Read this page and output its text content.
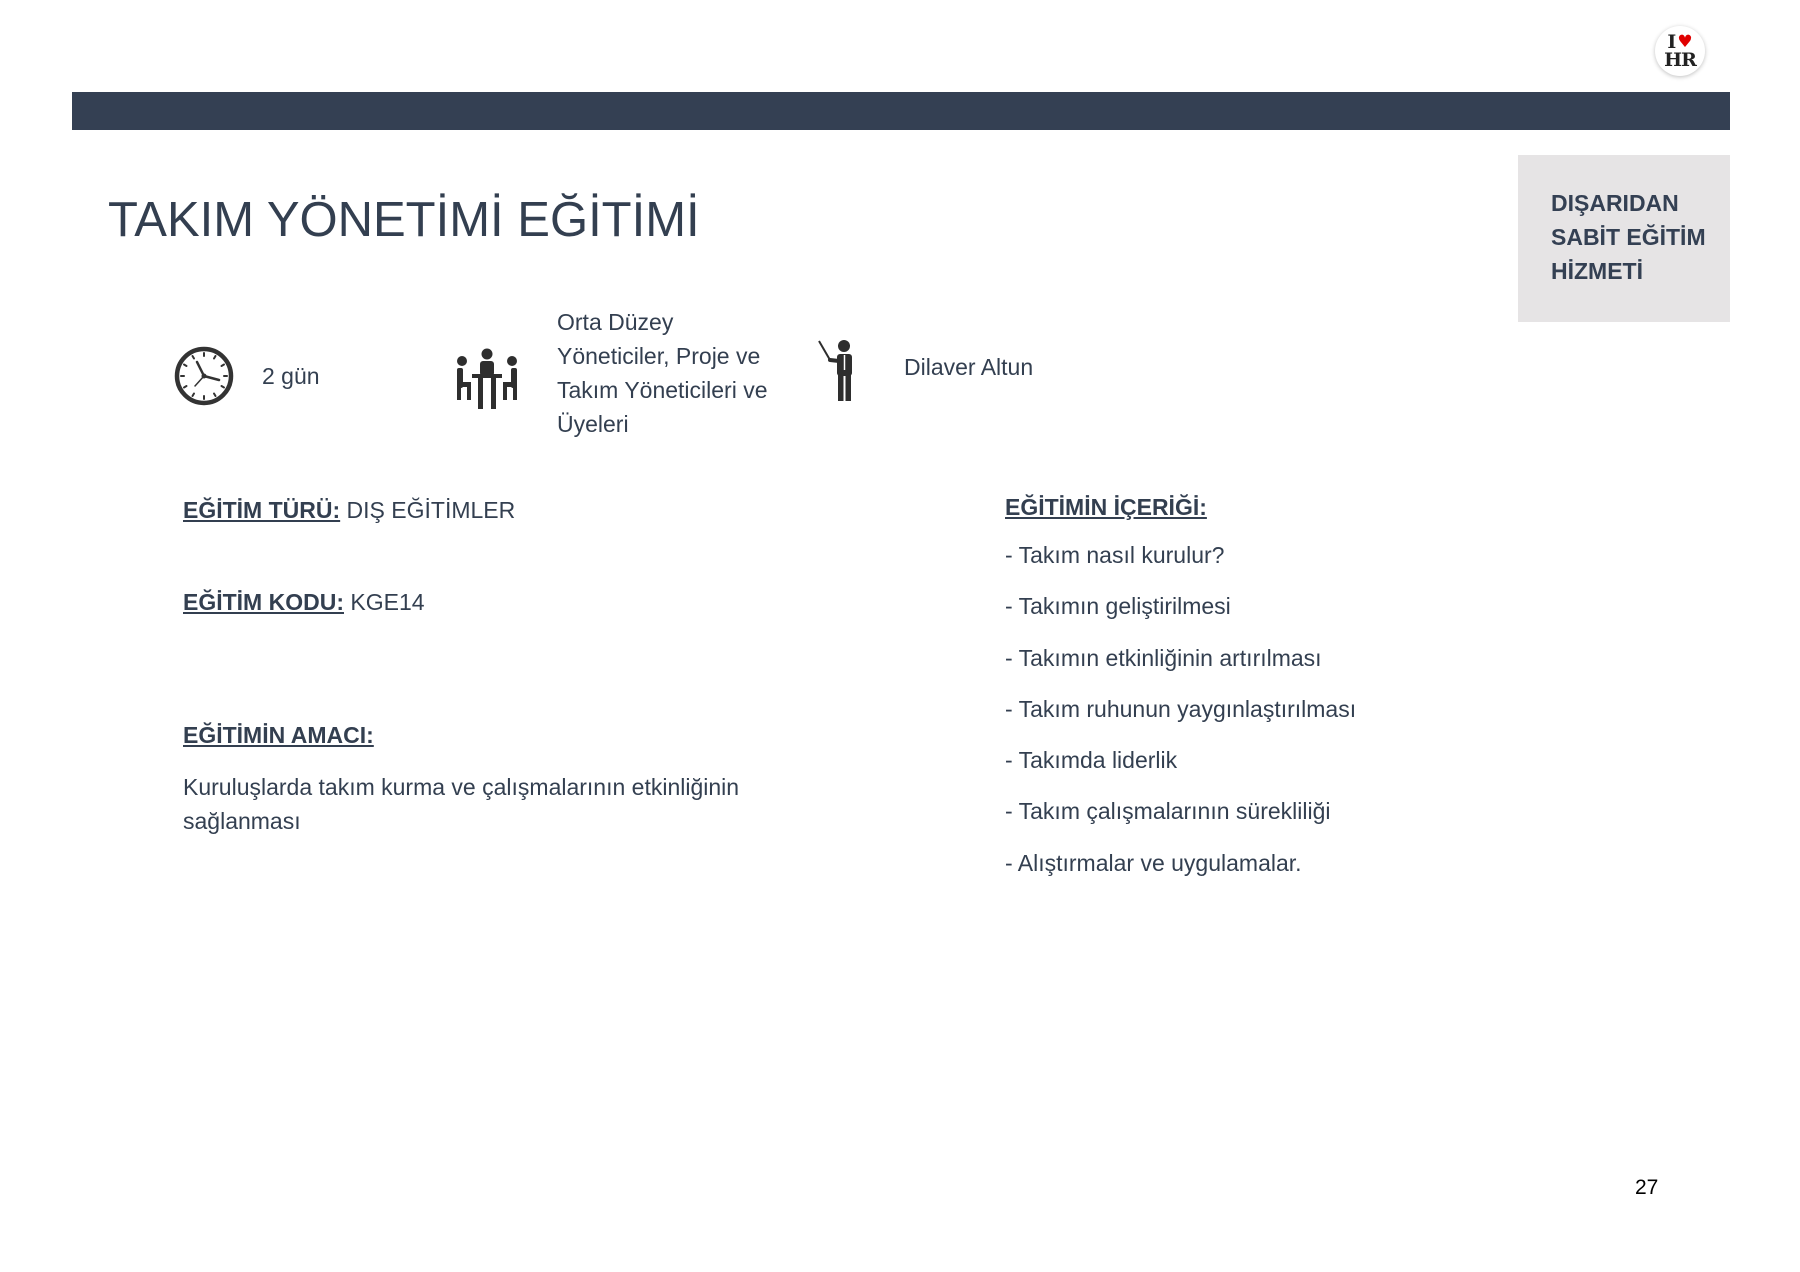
I ♥
HR
DIŞARIDAN
SABİT EĞİTİM
HİZMETİ
TAKIM YÖNETİMİ EĞİTİMİ
2 gün
Orta Düzey
Yöneticiler, Proje ve
Takım Yöneticileri ve
Üyeleri
Dilaver Altun
EĞİTİM TÜRÜ: DIŞ EĞİTİMLER
EĞİTİM KODU: KGE14
EĞİTİMİN AMACI:
Kuruluşlarda takım kurma ve çalışmalarının etkinliğinin
sağlanması
EĞİTİMİN İÇERİĞİ:
- Takım nasıl kurulur?
- Takımın geliştirilmesi
- Takımın etkinliğinin artırılması
- Takım ruhunun yaygınlaştırılması
- Takımda liderlik
- Takım çalışmalarının sürekliliği
- Alıştırmalar ve uygulamalar.
27
